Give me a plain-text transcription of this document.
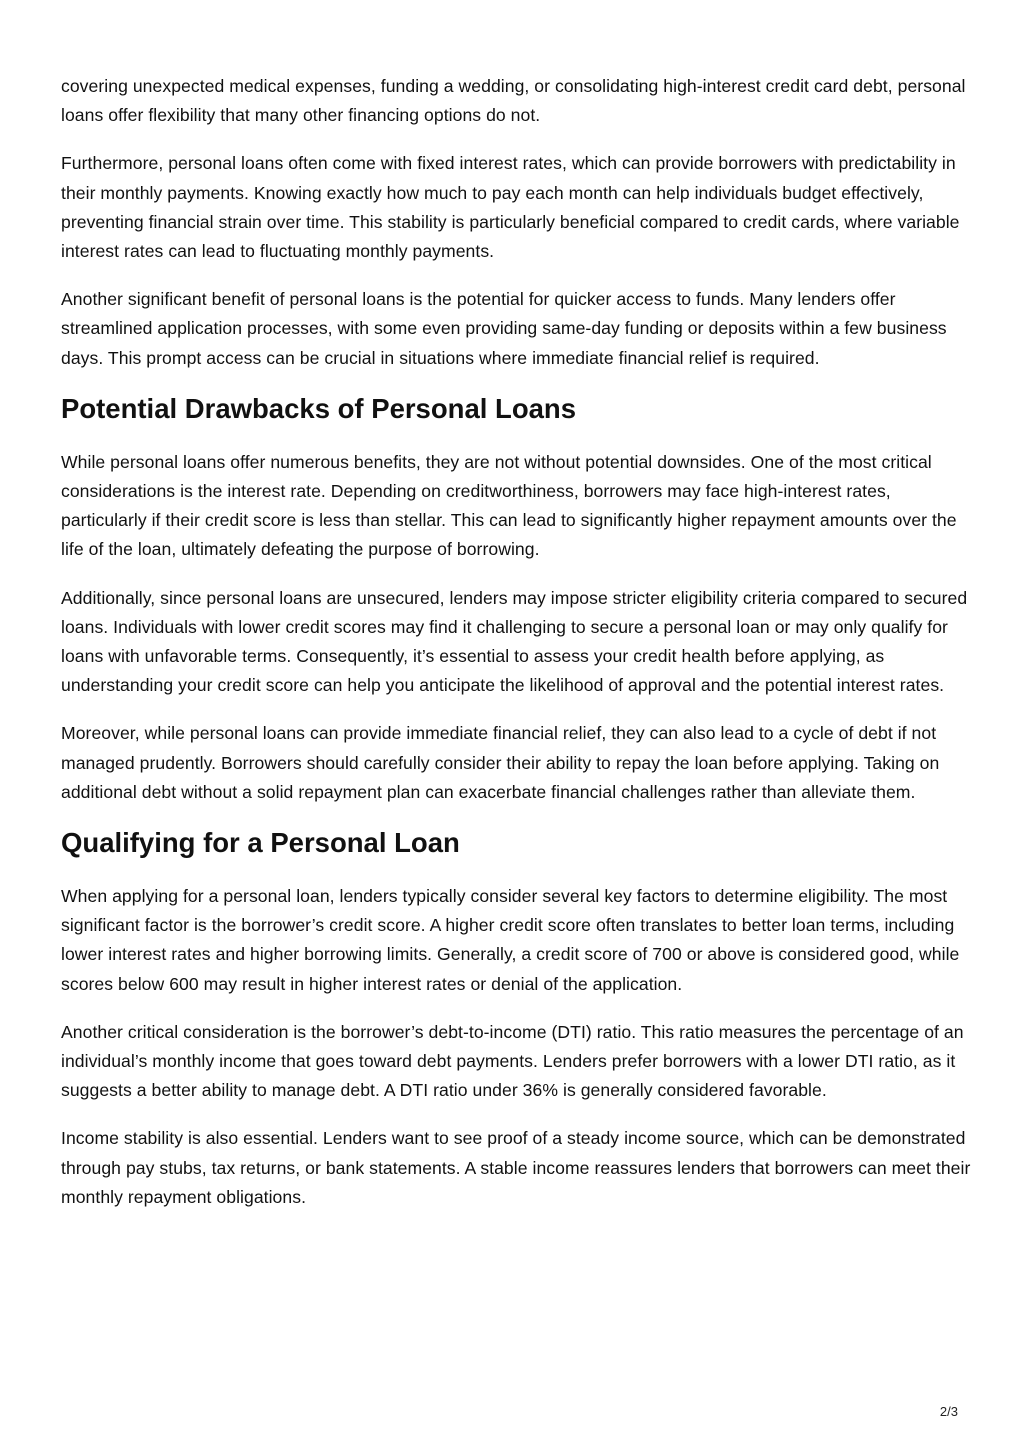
covering unexpected medical expenses, funding a wedding, or consolidating high-interest credit card debt, personal loans offer flexibility that many other financing options do not.

Furthermore, personal loans often come with fixed interest rates, which can provide borrowers with predictability in their monthly payments. Knowing exactly how much to pay each month can help individuals budget effectively, preventing financial strain over time. This stability is particularly beneficial compared to credit cards, where variable interest rates can lead to fluctuating monthly payments.

Another significant benefit of personal loans is the potential for quicker access to funds. Many lenders offer streamlined application processes, with some even providing same-day funding or deposits within a few business days. This prompt access can be crucial in situations where immediate financial relief is required.

Potential Drawbacks of Personal Loans

While personal loans offer numerous benefits, they are not without potential downsides. One of the most critical considerations is the interest rate. Depending on creditworthiness, borrowers may face high-interest rates, particularly if their credit score is less than stellar. This can lead to significantly higher repayment amounts over the life of the loan, ultimately defeating the purpose of borrowing.

Additionally, since personal loans are unsecured, lenders may impose stricter eligibility criteria compared to secured loans. Individuals with lower credit scores may find it challenging to secure a personal loan or may only qualify for loans with unfavorable terms. Consequently, it’s essential to assess your credit health before applying, as understanding your credit score can help you anticipate the likelihood of approval and the potential interest rates.

Moreover, while personal loans can provide immediate financial relief, they can also lead to a cycle of debt if not managed prudently. Borrowers should carefully consider their ability to repay the loan before applying. Taking on additional debt without a solid repayment plan can exacerbate financial challenges rather than alleviate them.

Qualifying for a Personal Loan

When applying for a personal loan, lenders typically consider several key factors to determine eligibility. The most significant factor is the borrower’s credit score. A higher credit score often translates to better loan terms, including lower interest rates and higher borrowing limits. Generally, a credit score of 700 or above is considered good, while scores below 600 may result in higher interest rates or denial of the application.

Another critical consideration is the borrower’s debt-to-income (DTI) ratio. This ratio measures the percentage of an individual’s monthly income that goes toward debt payments. Lenders prefer borrowers with a lower DTI ratio, as it suggests a better ability to manage debt. A DTI ratio under 36% is generally considered favorable.

Income stability is also essential. Lenders want to see proof of a steady income source, which can be demonstrated through pay stubs, tax returns, or bank statements. A stable income reassures lenders that borrowers can meet their monthly repayment obligations.

2/3
